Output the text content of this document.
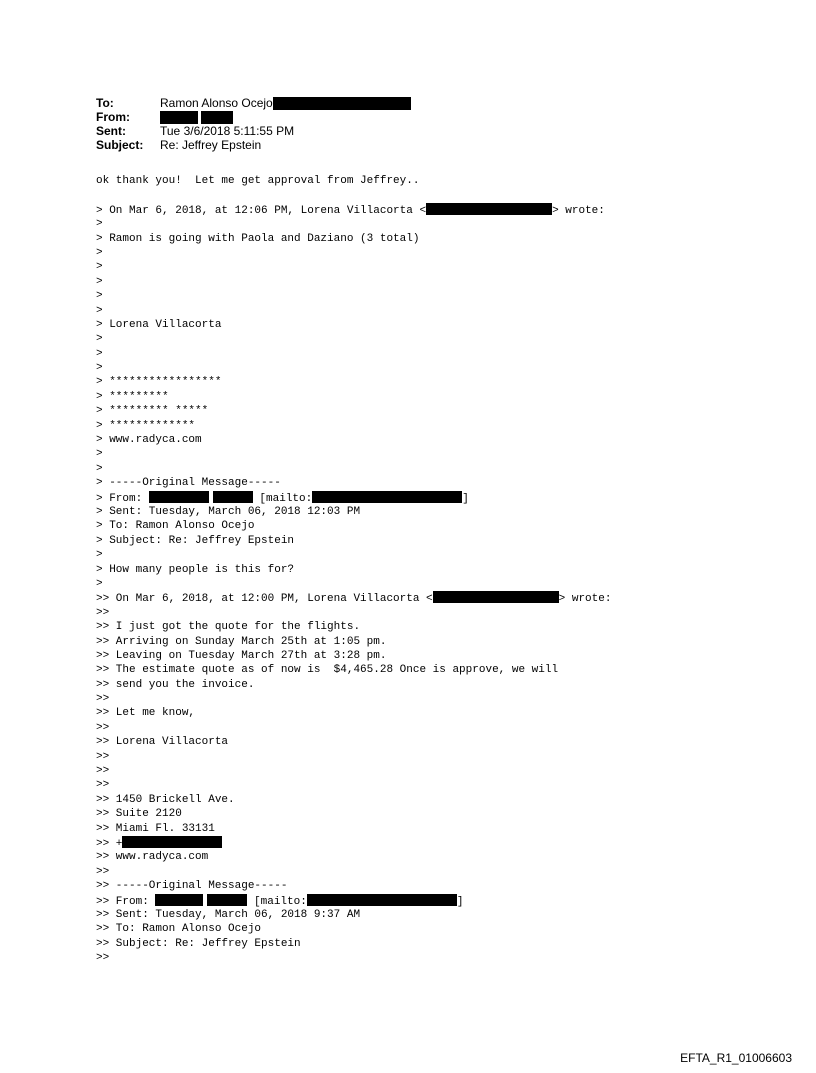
To:	Ramon Alonso Ocejo
From:
Sent:	Tue 3/6/2018 5:11:55 PM
Subject:	Re: Jeffrey Epstein
ok thank you!  Let me get approval from Jeffrey..
> On Mar 6, 2018, at 12:06 PM, Lorena Villacorta <	> wrote:
>
> Ramon is going with Paola and Daziano (3 total)
>
>
>
>
>
> Lorena Villacorta
>
>
>
> *****************
> *********
> ********* *****
> *************
> www.radyca.com
>
>
> -----Original Message-----
> From:	[mailto:	]
> Sent: Tuesday, March 06, 2018 12:03 PM
> To: Ramon Alonso Ocejo
> Subject: Re: Jeffrey Epstein
>
> How many people is this for?
>
>> On Mar 6, 2018, at 12:00 PM, Lorena Villacorta <	> wrote:
>>
>> I just got the quote for the flights.
>> Arriving on Sunday March 25th at 1:05 pm.
>> Leaving on Tuesday March 27th at 3:28 pm.
>> The estimate quote as of now is  $4,465.28 Once is approve, we will
>> send you the invoice.
>>
>> Let me know,
>>
>> Lorena Villacorta
>>
>>
>>
>> 1450 Brickell Ave.
>> Suite 2120
>> Miami Fl. 33131
>> +
>> www.radyca.com
>>
>> -----Original Message-----
>> From:	[mailto:	]
>> Sent: Tuesday, March 06, 2018 9:37 AM
>> To: Ramon Alonso Ocejo
>> Subject: Re: Jeffrey Epstein
>>
EFTA_R1_01006603
